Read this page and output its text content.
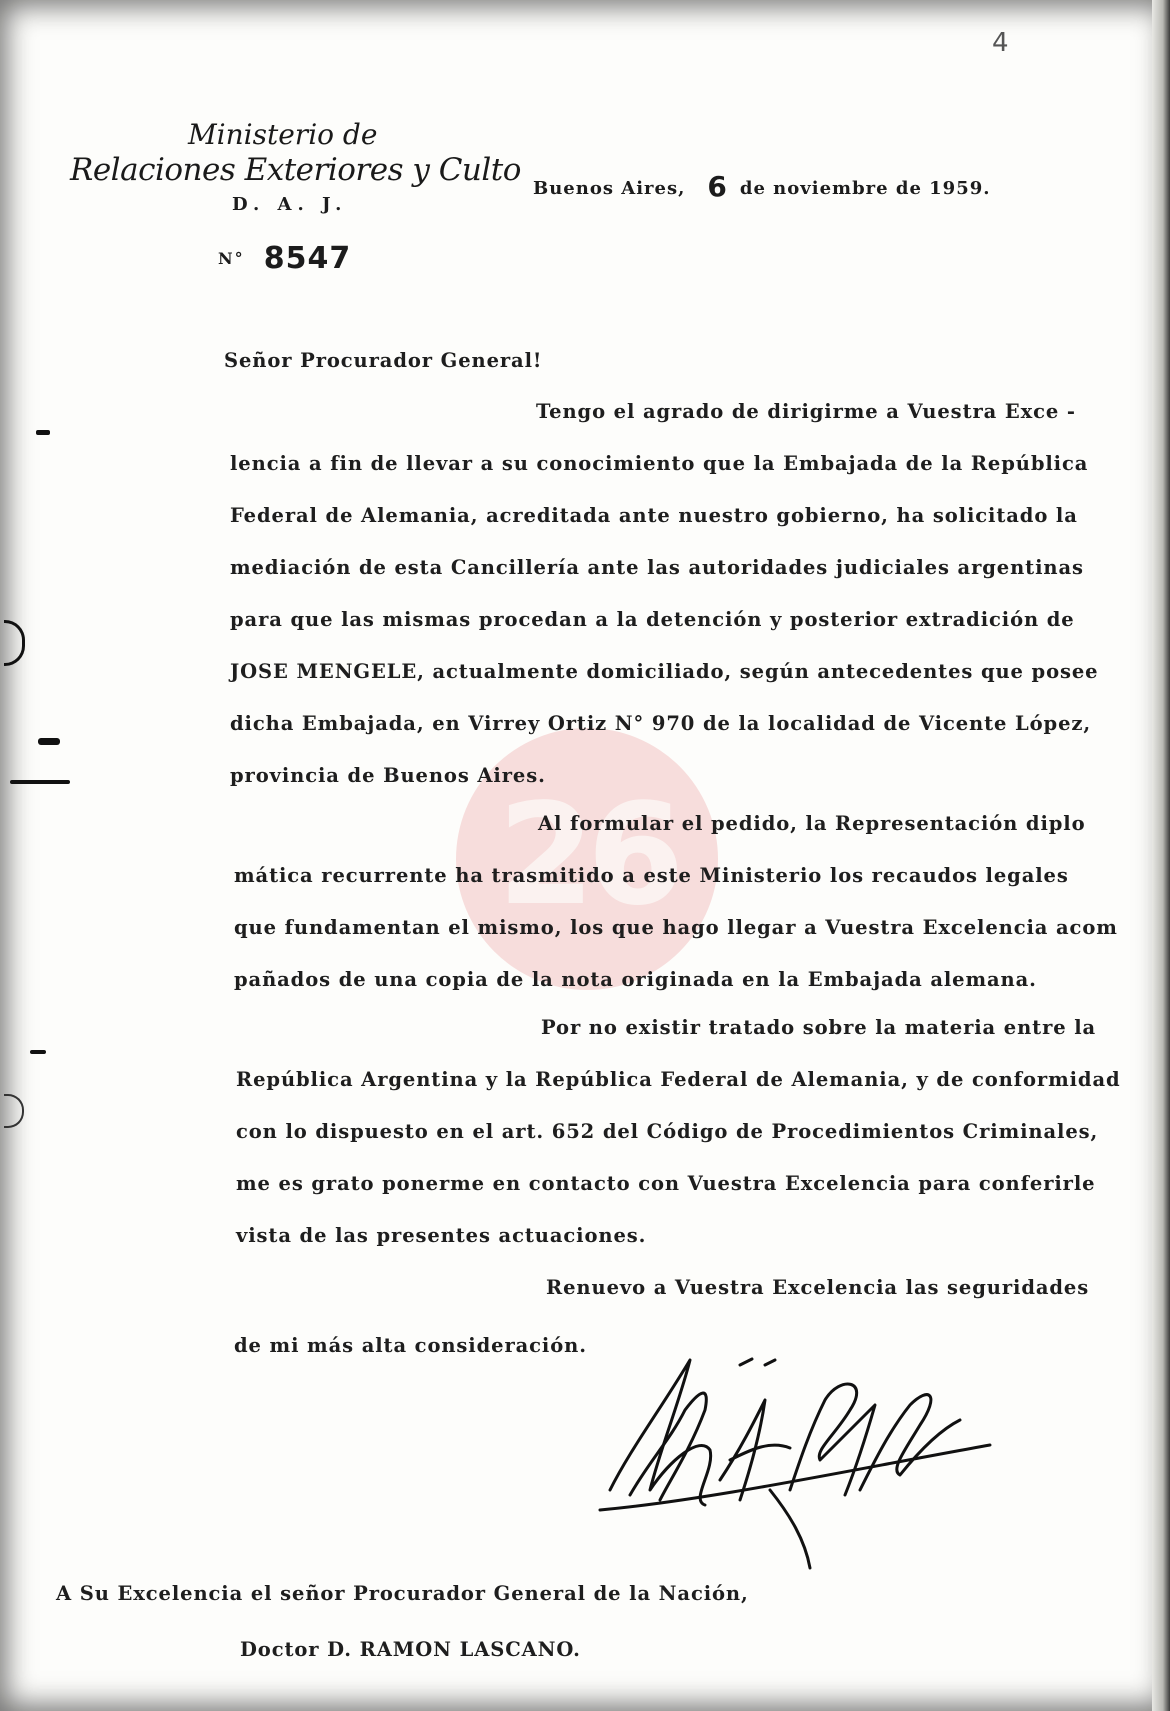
4
Ministerio de
Relaciones Exteriores y Culto
D. A. J.
N° 8547
Buenos Aires, 6 de noviembre de 1959.
26
Señor Procurador General!
Tengo el agrado de dirigirme a Vuestra Exce -
lencia a fin de llevar a su conocimiento que la Embajada de la República
Federal de Alemania, acreditada ante nuestro gobierno, ha solicitado la
mediación de esta Cancillería ante las autoridades judiciales argentinas
para que las mismas procedan a la detención y posterior extradición de
JOSE MENGELE, actualmente domiciliado, según antecedentes que posee
dicha Embajada, en Virrey Ortiz N° 970 de la localidad de Vicente López,
provincia de Buenos Aires.
Al formular el pedido, la Representación diplo
mática recurrente ha trasmitido a este Ministerio los recaudos legales
que fundamentan el mismo, los que hago llegar a Vuestra Excelencia acom
pañados de una copia de la nota originada en la Embajada alemana.
Por no existir tratado sobre la materia entre la
República Argentina y la República Federal de Alemania, y de conformidad
con lo dispuesto en el art. 652 del Código de Procedimientos Criminales,
me es grato ponerme en contacto con Vuestra Excelencia para conferirle
vista de las presentes actuaciones.
Renuevo a Vuestra Excelencia las seguridades
de mi más alta consideración.
A Su Excelencia el señor Procurador General de la Nación,
Doctor D. RAMON LASCANO.
